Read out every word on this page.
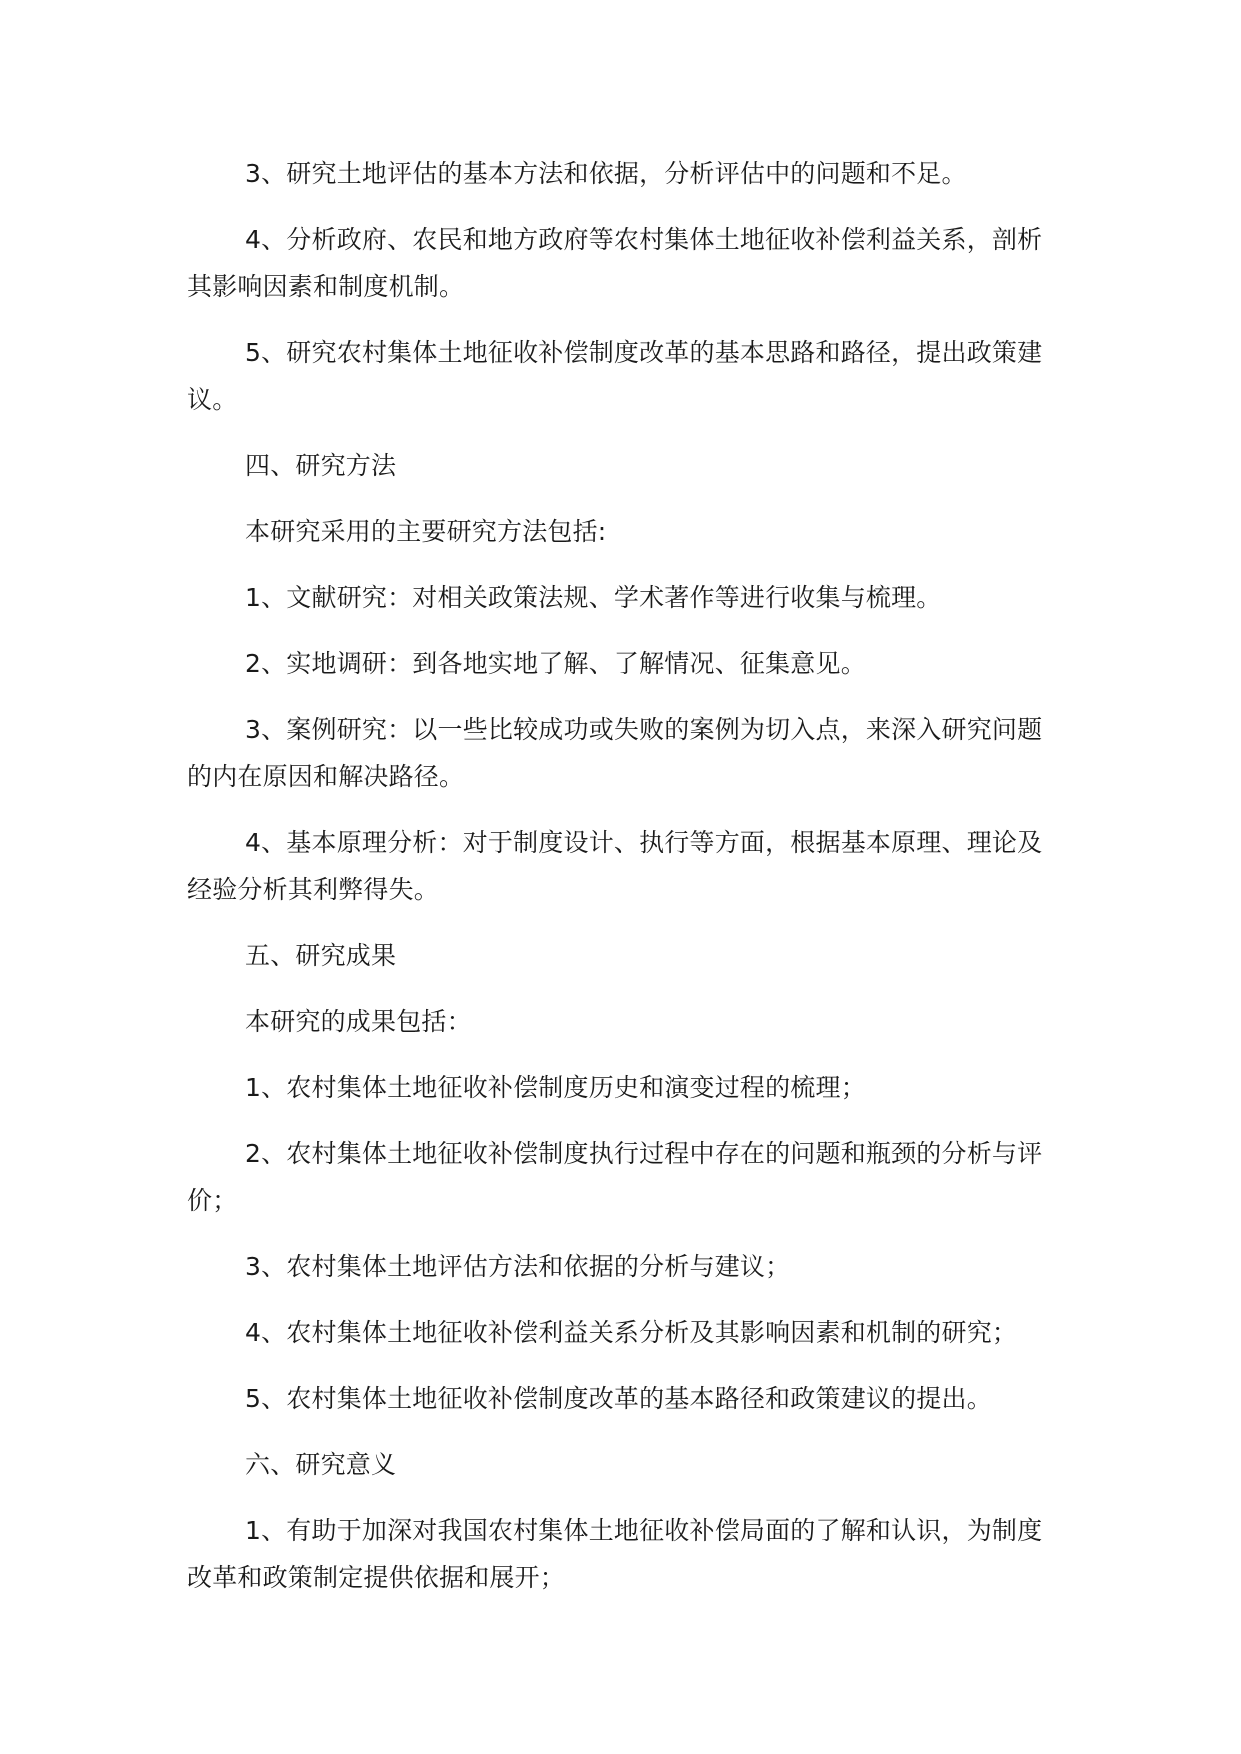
3、研究土地评估的基本方法和依据，分析评估中的问题和不足。

4、分析政府、农民和地方政府等农村集体土地征收补偿利益关系，剖析其影响因素和制度机制。

5、研究农村集体土地征收补偿制度改革的基本思路和路径，提出政策建议。

四、研究方法

本研究采用的主要研究方法包括:

1、文献研究：对相关政策法规、学术著作等进行收集与梳理。

2、实地调研：到各地实地了解、了解情况、征集意见。

3、案例研究：以一些比较成功或失败的案例为切入点，来深入研究问题的内在原因和解决路径。

4、基本原理分析：对于制度设计、执行等方面，根据基本原理、理论及经验分析其利弊得失。

五、研究成果

本研究的成果包括：

1、农村集体土地征收补偿制度历史和演变过程的梳理；

2、农村集体土地征收补偿制度执行过程中存在的问题和瓶颈的分析与评价；

3、农村集体土地评估方法和依据的分析与建议；

4、农村集体土地征收补偿利益关系分析及其影响因素和机制的研究；

5、农村集体土地征收补偿制度改革的基本路径和政策建议的提出。

六、研究意义

1、有助于加深对我国农村集体土地征收补偿局面的了解和认识，为制度改革和政策制定提供依据和展开；
